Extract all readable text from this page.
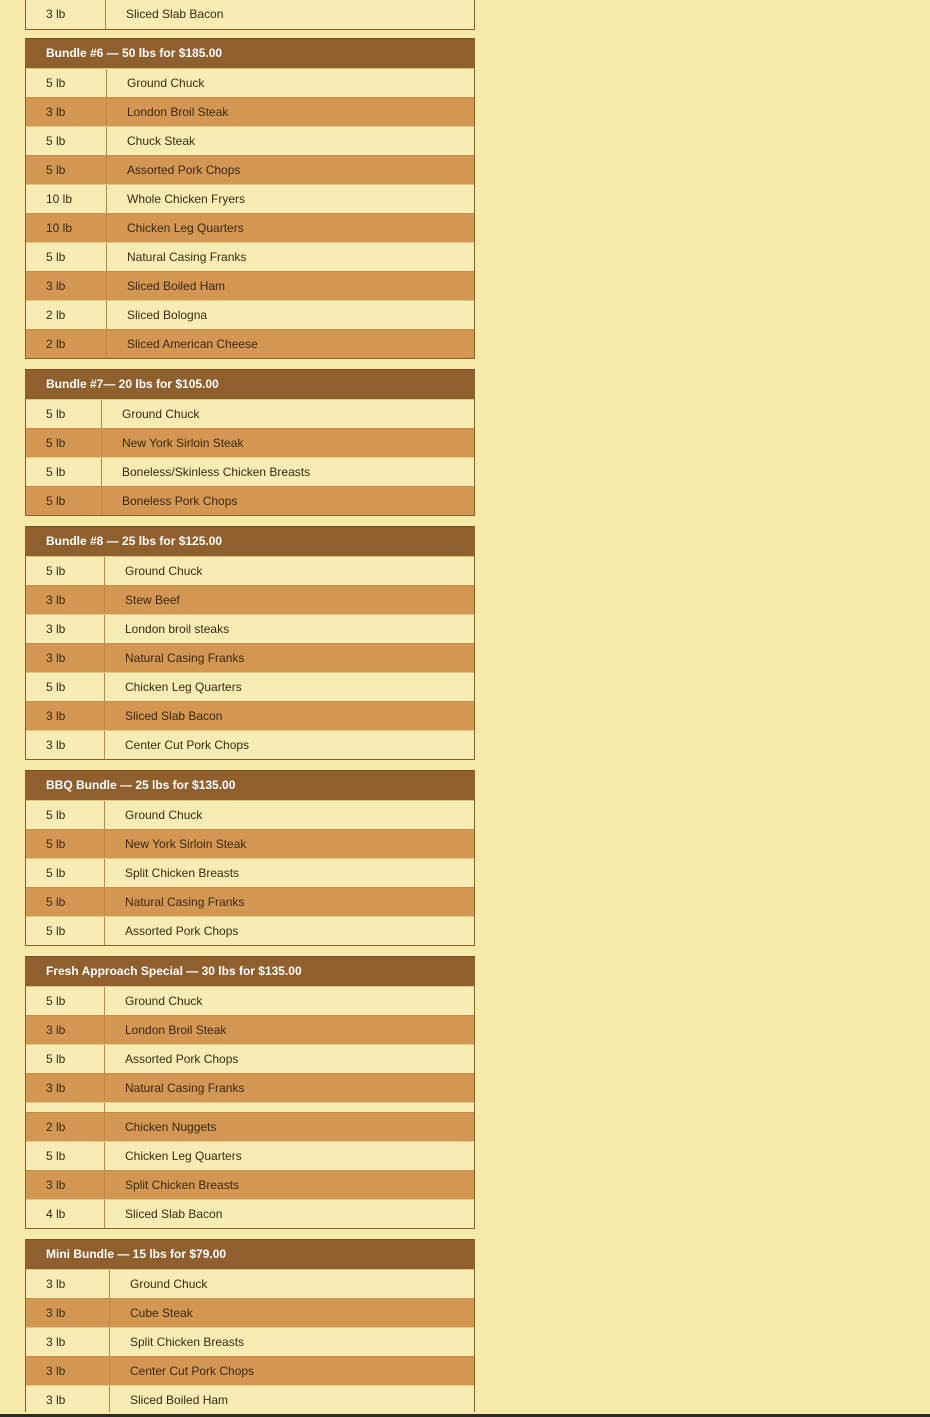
3 lb	Sliced Slab Bacon
Bundle #6 — 50 lbs for $185.00
5 lb	Ground Chuck
3 lb	London Broil Steak
5 lb	Chuck Steak
5 lb	Assorted Pork Chops
10 lb	Whole Chicken Fryers
10 lb	Chicken Leg Quarters
5 lb	Natural Casing Franks
3 lb	Sliced Boiled Ham
2 lb	Sliced Bologna
2 lb	Sliced American Cheese
Bundle #7— 20 lbs for $105.00
5 lb	Ground Chuck
5 lb	New York Sirloin Steak
5 lb	Boneless/Skinless Chicken Breasts
5 lb	Boneless Pork Chops
Bundle #8 — 25 lbs for $125.00
5 lb	Ground Chuck
3 lb	Stew Beef
3 lb	London broil steaks
3 lb	Natural Casing Franks
5 lb	Chicken Leg Quarters
3 lb	Sliced Slab Bacon
3 lb	Center Cut Pork Chops
BBQ Bundle — 25 lbs for $135.00
5 lb	Ground Chuck
5 lb	New York Sirloin Steak
5 lb	Split Chicken Breasts
5 lb	Natural Casing Franks
5 lb	Assorted Pork Chops
Fresh Approach Special — 30 lbs for $135.00
5 lb	Ground Chuck
3 lb	London Broil Steak
5 lb	Assorted Pork Chops
3 lb	Natural Casing Franks
2 lb	Chicken Nuggets
5 lb	Chicken Leg Quarters
3 lb	Split Chicken Breasts
4 lb	Sliced Slab Bacon
Mini Bundle — 15 lbs for $79.00
3 lb	Ground Chuck
3 lb	Cube Steak
3 lb	Split Chicken Breasts
3 lb	Center Cut Pork Chops
3 lb	Sliced Boiled Ham
